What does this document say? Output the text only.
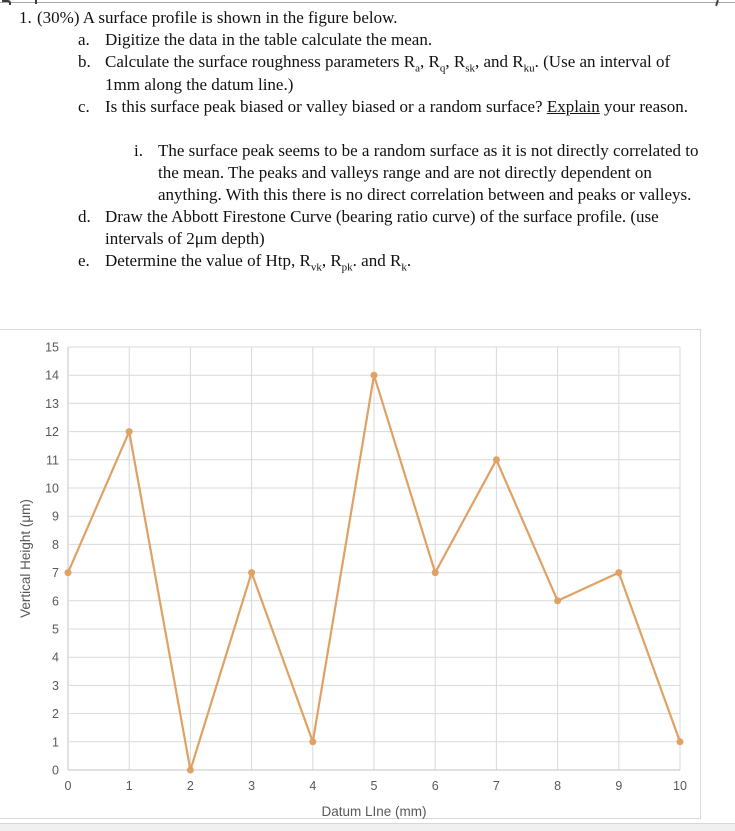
1. (30%) A surface profile is shown in the figure below.
a. Digitize the data in the table calculate the mean.
b. Calculate the surface roughness parameters $R_a$, $R_q$, $R_{sk}$, and $R_{ku}$. (Use an interval of 1mm along the datum line.)
c. Is this surface peak biased or valley biased or a random surface? Explain your reason.
i. The surface peak seems to be a random surface as it is not directly correlated to the mean. The peaks and valleys range and are not directly dependent on anything. With this there is no direct correlation between and peaks or valleys.
d. Draw the Abbott Firestone Curve (bearing ratio curve) of the surface profile. (use intervals of 2μm depth)
e. Determine the value of Htp, $R_{vk}$, $R_{pk}$. and $R_k$.
0
1
2
3
4
5
6
7
8
9
10
11
12
13
14
15
0	1	2	3	4	5	6	7	8	9	10
Vertical Height (μm)
Datum LIne (mm)
